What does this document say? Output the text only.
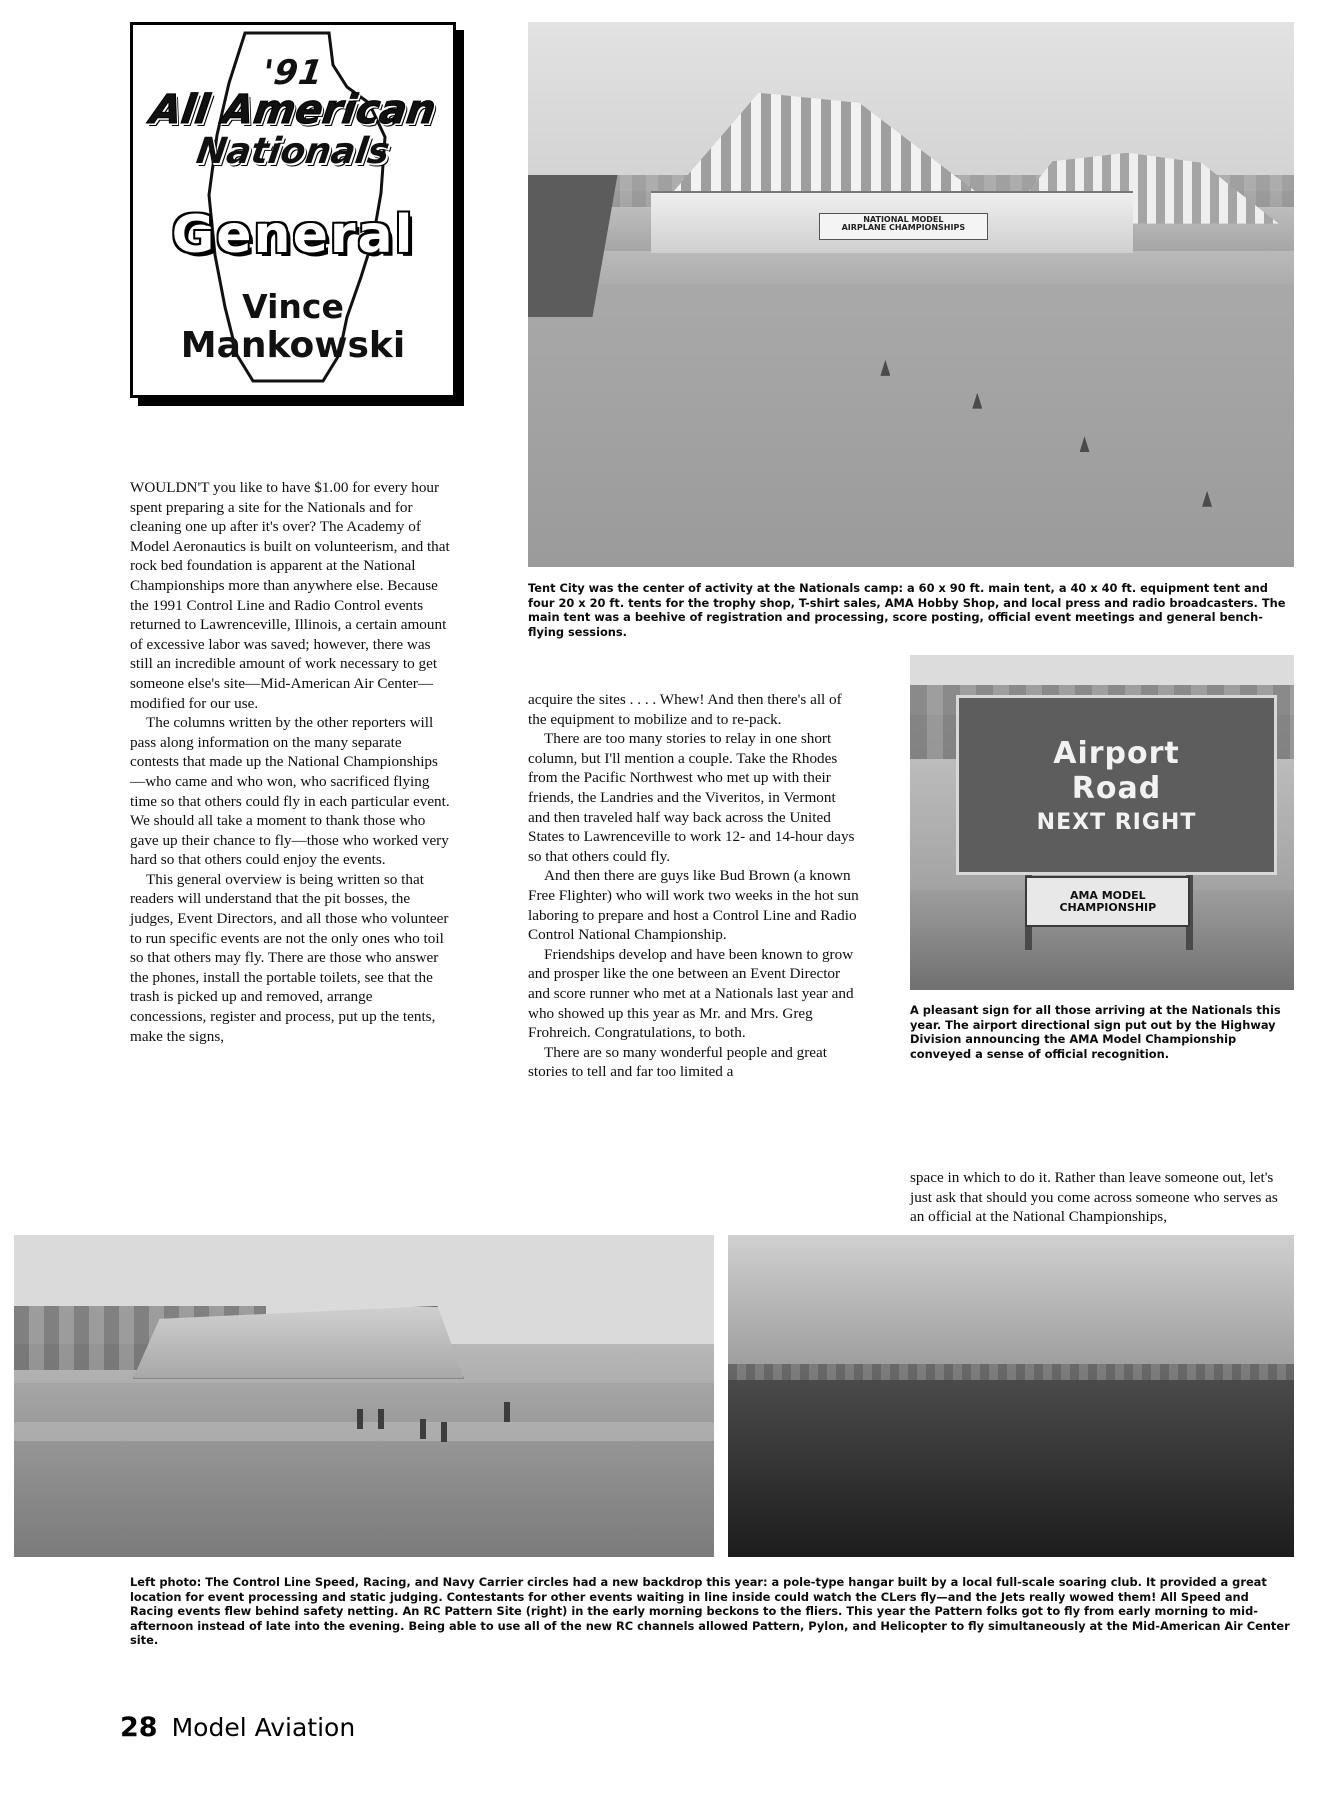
'91
All American
Nationals
General
Vince
Mankowski
NATIONAL MODEL
AIRPLANE CHAMPIONSHIPS
Tent City was the center of activity at the Nationals camp: a 60 x 90 ft. main tent, a 40 x 40 ft. equipment tent and four 20 x 20 ft. tents for the trophy shop, T-shirt sales, AMA Hobby Shop, and local press and radio broadcasters. The main tent was a beehive of registration and processing, score posting, official event meetings and general bench-flying sessions.
Airport
Road
NEXT RIGHT
AMA MODEL
CHAMPIONSHIP
A pleasant sign for all those arriving at the Nationals this year. The airport directional sign put out by the Highway Division announcing the AMA Model Championship conveyed a sense of official recognition.
Left photo: The Control Line Speed, Racing, and Navy Carrier circles had a new backdrop this year: a pole-type hangar built by a local full-scale soaring club. It provided a great location for event processing and static judging. Contestants for other events waiting in line inside could watch the CLers fly—and the Jets really wowed them! All Speed and Racing events flew behind safety netting. An RC Pattern Site (right) in the early morning beckons to the fliers. This year the Pattern folks got to fly from early morning to mid-afternoon instead of late into the evening. Being able to use all of the new RC channels allowed Pattern, Pylon, and Helicopter to fly simultaneously at the Mid-American Air Center site.

WOULDN'T you like to have $1.00 for every hour spent preparing a site for the Nationals and for cleaning one up after it's over? The Academy of Model Aeronautics is built on volunteerism, and that rock bed foundation is apparent at the National Championships more than anywhere else. Because the 1991 Control Line and Radio Control events returned to Lawrenceville, Illinois, a certain amount of excessive labor was saved; however, there was still an incredible amount of work necessary to get someone else's site—Mid-American Air Center—modified for our use.

The columns written by the other reporters will pass along information on the many separate contests that made up the National Championships—who came and who won, who sacrificed flying time so that others could fly in each particular event. We should all take a moment to thank those who gave up their chance to fly—those who worked very hard so that others could enjoy the events.

This general overview is being written so that readers will understand that the pit bosses, the judges, Event Directors, and all those who volunteer to run specific events are not the only ones who toil so that others may fly. There are those who answer the phones, install the portable toilets, see that the trash is picked up and removed, arrange concessions, register and process, put up the tents, make the signs,

acquire the sites . . . . Whew! And then there's all of the equipment to mobilize and to re-pack.

There are too many stories to relay in one short column, but I'll mention a couple. Take the Rhodes from the Pacific Northwest who met up with their friends, the Landries and the Viveritos, in Vermont and then traveled half way back across the United States to Lawrenceville to work 12- and 14-hour days so that others could fly.

And then there are guys like Bud Brown (a known Free Flighter) who will work two weeks in the hot sun laboring to prepare and host a Control Line and Radio Control National Championship.

Friendships develop and have been known to grow and prosper like the one between an Event Director and score runner who met at a Nationals last year and who showed up this year as Mr. and Mrs. Greg Frohreich. Congratulations, to both.

There are so many wonderful people and great stories to tell and far too limited a

space in which to do it. Rather than leave someone out, let's just ask that should you come across someone who serves as an official at the National Championships,

28 Model Aviation
